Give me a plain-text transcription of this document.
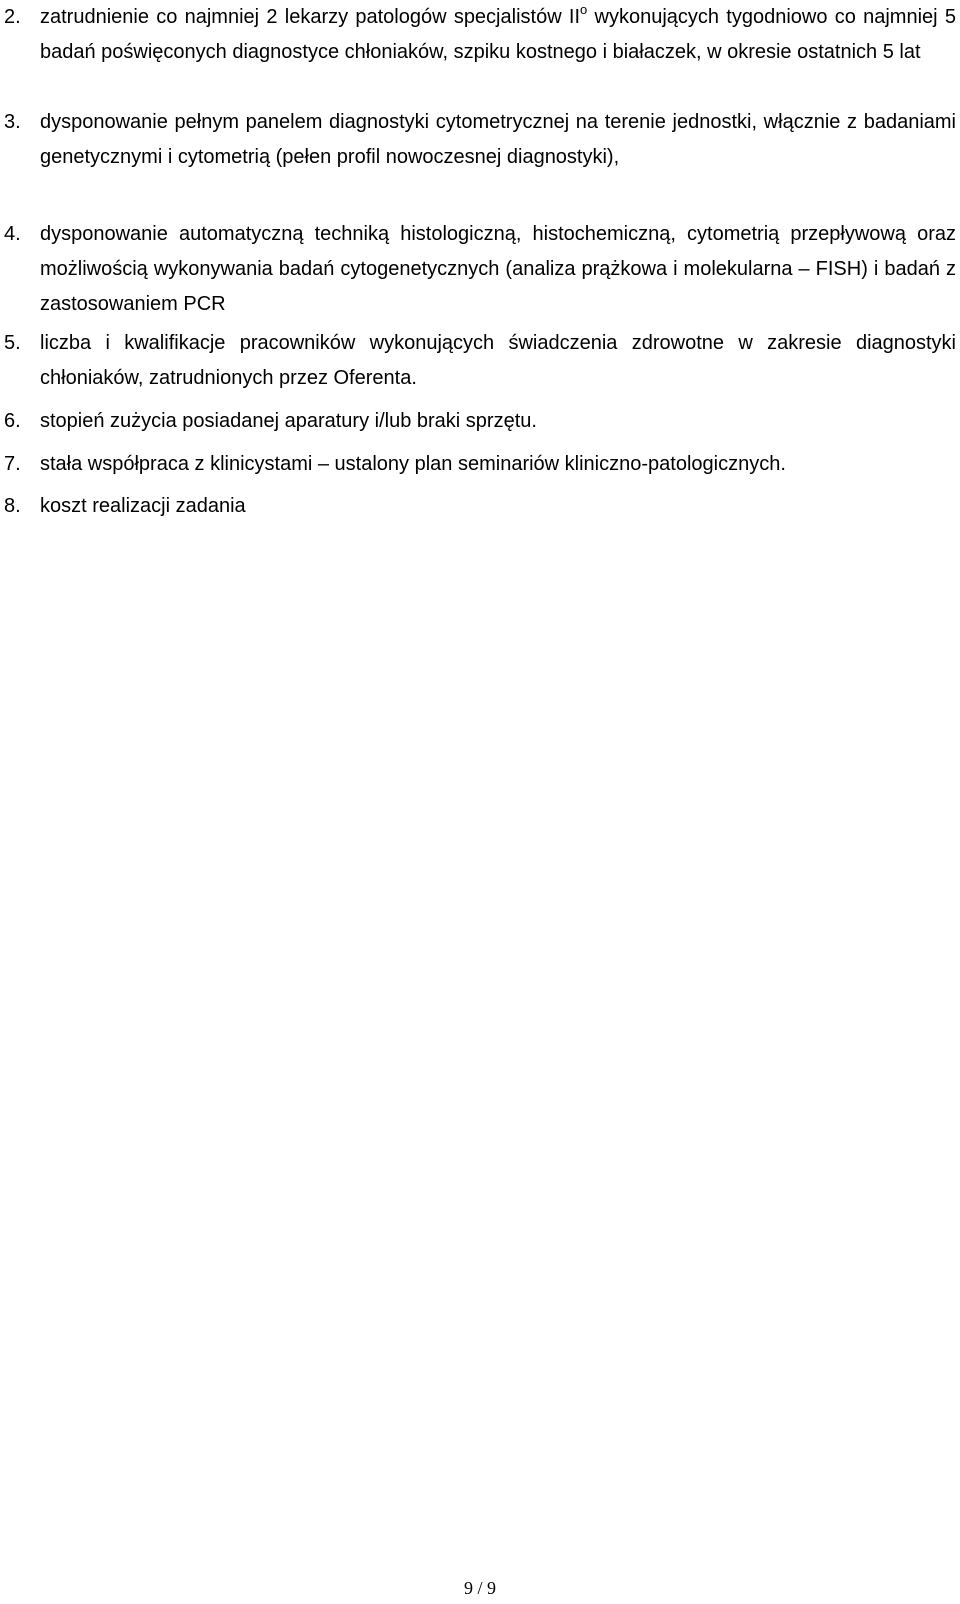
2. zatrudnienie co najmniej 2 lekarzy patologów specjalistów $II^o$ wykonujących tygodniowo co najmniej 5 badań poświęconych diagnostyce chłoniaków, szpiku kostnego i białaczek, w okresie ostatnich 5 lat
3. dysponowanie pełnym panelem diagnostyki cytometrycznej na terenie jednostki, włącznie z badaniami genetycznymi i cytometrią (pełen profil nowoczesnej diagnostyki),
4. dysponowanie automatyczną techniką histologiczną, histochemiczną, cytometrią przepływową oraz możliwością wykonywania badań cytogenetycznych (analiza prążkowa i molekularna – FISH) i badań z zastosowaniem PCR
5. liczba i kwalifikacje pracowników wykonujących świadczenia zdrowotne w zakresie diagnostyki chłoniaków, zatrudnionych przez Oferenta.
6. stopień zużycia posiadanej aparatury i/lub braki sprzętu.
7. stała współpraca z klinicystami – ustalony plan seminariów kliniczno-patologicznych.
8. koszt realizacji zadania
9 / 9
